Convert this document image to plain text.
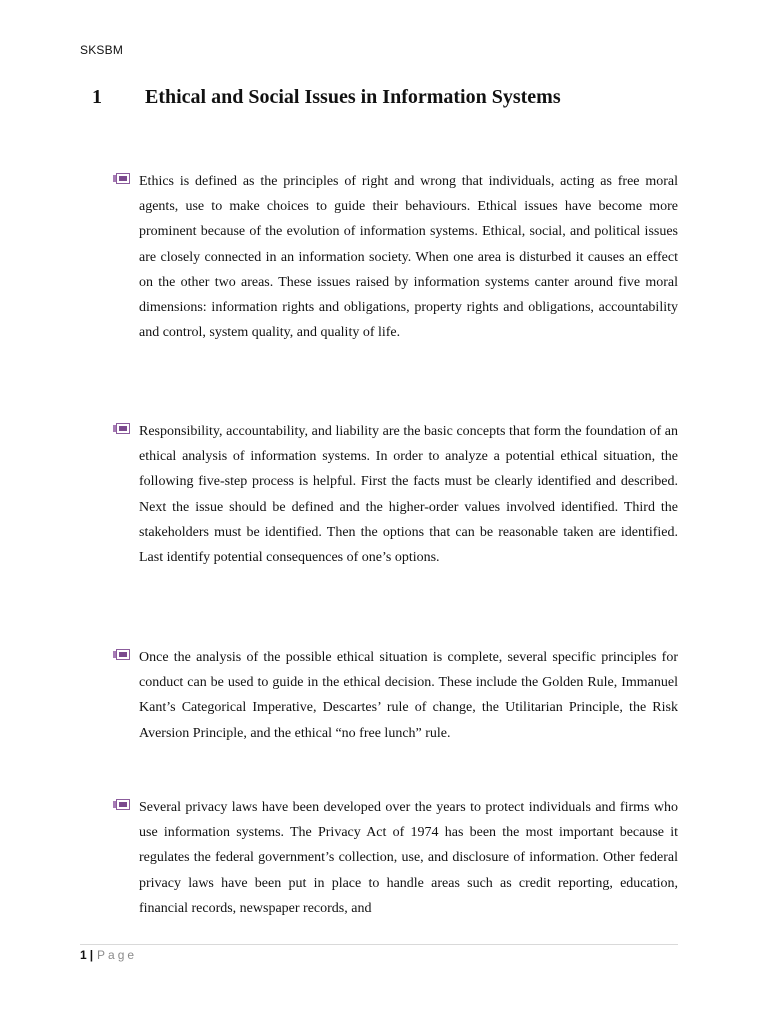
SKSBM
1	Ethical and Social Issues in Information Systems
Ethics is defined as the principles of right and wrong that individuals, acting as free moral agents, use to make choices to guide their behaviours. Ethical issues have become more prominent because of the evolution of information systems. Ethical, social, and political issues are closely connected in an information society. When one area is disturbed it causes an effect on the other two areas. These issues raised by information systems canter around five moral dimensions: information rights and obligations, property rights and obligations, accountability and control, system quality, and quality of life.
Responsibility, accountability, and liability are the basic concepts that form the foundation of an ethical analysis of information systems. In order to analyze a potential ethical situation, the following five-step process is helpful. First the facts must be clearly identified and described. Next the issue should be defined and the higher-order values involved identified. Third the stakeholders must be identified. Then the options that can be reasonable taken are identified. Last identify potential consequences of one’s options.
Once the analysis of the possible ethical situation is complete, several specific principles for conduct can be used to guide in the ethical decision. These include the Golden Rule, Immanuel Kant’s Categorical Imperative, Descartes’ rule of change, the Utilitarian Principle, the Risk Aversion Principle, and the ethical “no free lunch” rule.
Several privacy laws have been developed over the years to protect individuals and firms who use information systems. The Privacy Act of 1974 has been the most important because it regulates the federal government’s collection, use, and disclosure of information. Other federal privacy laws have been put in place to handle areas such as credit reporting, education, financial records, newspaper records, and
1 | Page
